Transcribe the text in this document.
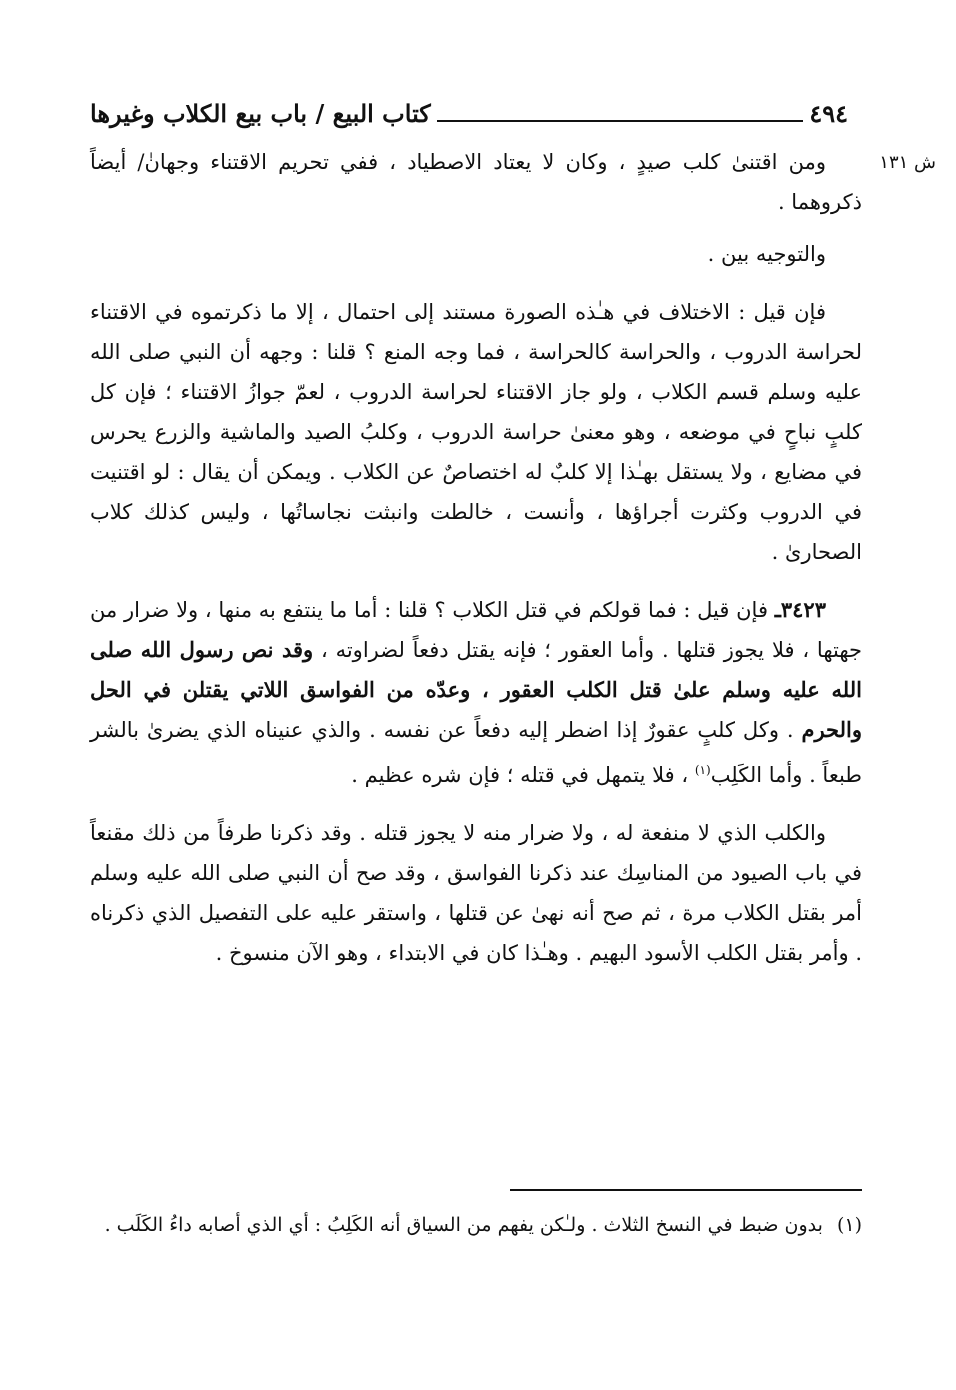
٤٩٤
كتاب البيع / باب بيع الكلاب وغيرها
ش ١٣١

ومن اقتنىٰ كلب صيدٍ ، وكان لا يعتاد الاصطياد ، ففي تحريم الاقتناء وجهانٰ/ أيضاً ذكروهما .

والتوجيه بين .

فإن قيل : الاختلاف في هـٰذه الصورة مستند إلى احتمال ، إلا ما ذكرتموه في الاقتناء لحراسة الدروب ، والحراسة كالحراسة ، فما وجه المنع ؟ قلنا : وجهه أن النبي صلى الله عليه وسلم قسم الكلاب ، ولو جاز الاقتناء لحراسة الدروب ، لعمّ جوازُ الاقتناء ؛ فإن كل كلبٍ نباحٍ في موضعه ، وهو معنىٰ حراسة الدروب ، وكلبُ الصيد والماشية والزرع يحرس في مضايع ، ولا يستقل بهـٰذا إلا كلبٌ له اختصاصٌ عن الكلاب . ويمكن أن يقال : لو اقتنيت في الدروب وكثرت أجراؤها ، وأنست ، خالطت وانبثت نجاساتُها ، وليس كذلك كلاب الصحارىٰ .

٣٤٢٣ـ فإن قيل : فما قولكم في قتل الكلاب ؟ قلنا : أما ما ينتفع به منها ، ولا ضرار من جهتها ، فلا يجوز قتلها . وأما العقور ؛ فإنه يقتل دفعاً لضراوته ، وقد نص رسول الله صلى الله عليه وسلم علىٰ قتل الكلب العقور ، وعدّه من الفواسق اللاتي يقتلن في الحل والحرم . وكل كلبٍ عقورٌ إذا اضطر إليه دفعاً عن نفسه . والذي عنيناه الذي يضرىٰ بالشر طبعاً . وأما الكَلِب$^{(١)}$ ، فلا يتمهل في قتله ؛ فإن شره عظيم .

والكلب الذي لا منفعة له ، ولا ضرار منه لا يجوز قتله . وقد ذكرنا طرفاً من ذلك مقنعاً في باب الصيود من المناسِك عند ذكرنا الفواسق ، وقد صح أن النبي صلى الله عليه وسلم أمر بقتل الكلاب مرة ، ثم صح أنه نهىٰ عن قتلها ، واستقر عليه على التفصيل الذي ذكرناه . وأمر بقتل الكلب الأسود البهيم . وهـٰذا كان في الابتداء ، وهو الآن منسوخ .

(١)
بدون ضبط في النسخ الثلاث . ولـٰكن يفهم من السياق أنه الكَلِبُ : أي الذي أصابه داءُ الكَلَب .
